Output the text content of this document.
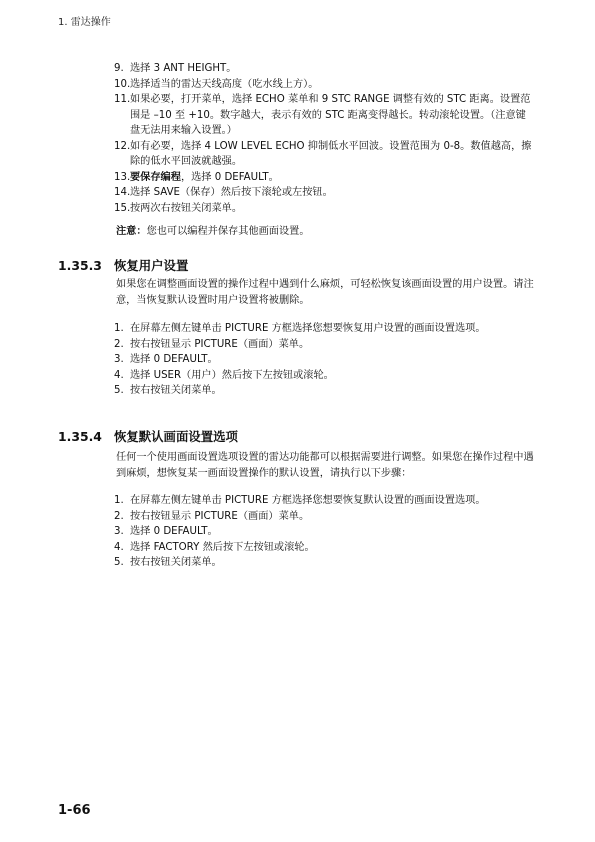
1. 雷达操作
9. 选择 3 ANT HEIGHT。
10. 选择适当的雷达天线高度（吃水线上方）。
11. 如果必要，打开菜单，选择 ECHO 菜单和 9 STC RANGE 调整有效的 STC 距离。设置范围是 –10 至 +10。数字越大，表示有效的 STC 距离变得越长。转动滚轮设置。（注意键盘无法用来输入设置。）
12. 如有必要，选择 4 LOW LEVEL ECHO 抑制低水平回波。设置范围为 0-8。数值越高，擦除的低水平回波就越强。
13. 要保存编程，选择 0 DEFAULT。
14. 选择 SAVE（保存）然后按下滚轮或左按钮。
15. 按两次右按钮关闭菜单。
注意：您也可以编程并保存其他画面设置。
1.35.3 恢复用户设置
如果您在调整画面设置的操作过程中遇到什么麻烦，可轻松恢复该画面设置的用户设置。请注意，当恢复默认设置时用户设置将被删除。
1. 在屏幕左侧左键单击 PICTURE 方框选择您想要恢复用户设置的画面设置选项。
2. 按右按钮显示 PICTURE（画面）菜单。
3. 选择 0 DEFAULT。
4. 选择 USER（用户）然后按下左按钮或滚轮。
5. 按右按钮关闭菜单。
1.35.4 恢复默认画面设置选项
任何一个使用画面设置选项设置的雷达功能都可以根据需要进行调整。如果您在操作过程中遇到麻烦，想恢复某一画面设置操作的默认设置，请执行以下步骤：
1. 在屏幕左侧左键单击 PICTURE 方框选择您想要恢复默认设置的画面设置选项。
2. 按右按钮显示 PICTURE（画面）菜单。
3. 选择 0 DEFAULT。
4. 选择 FACTORY 然后按下左按钮或滚轮。
5. 按右按钮关闭菜单。
1-66
